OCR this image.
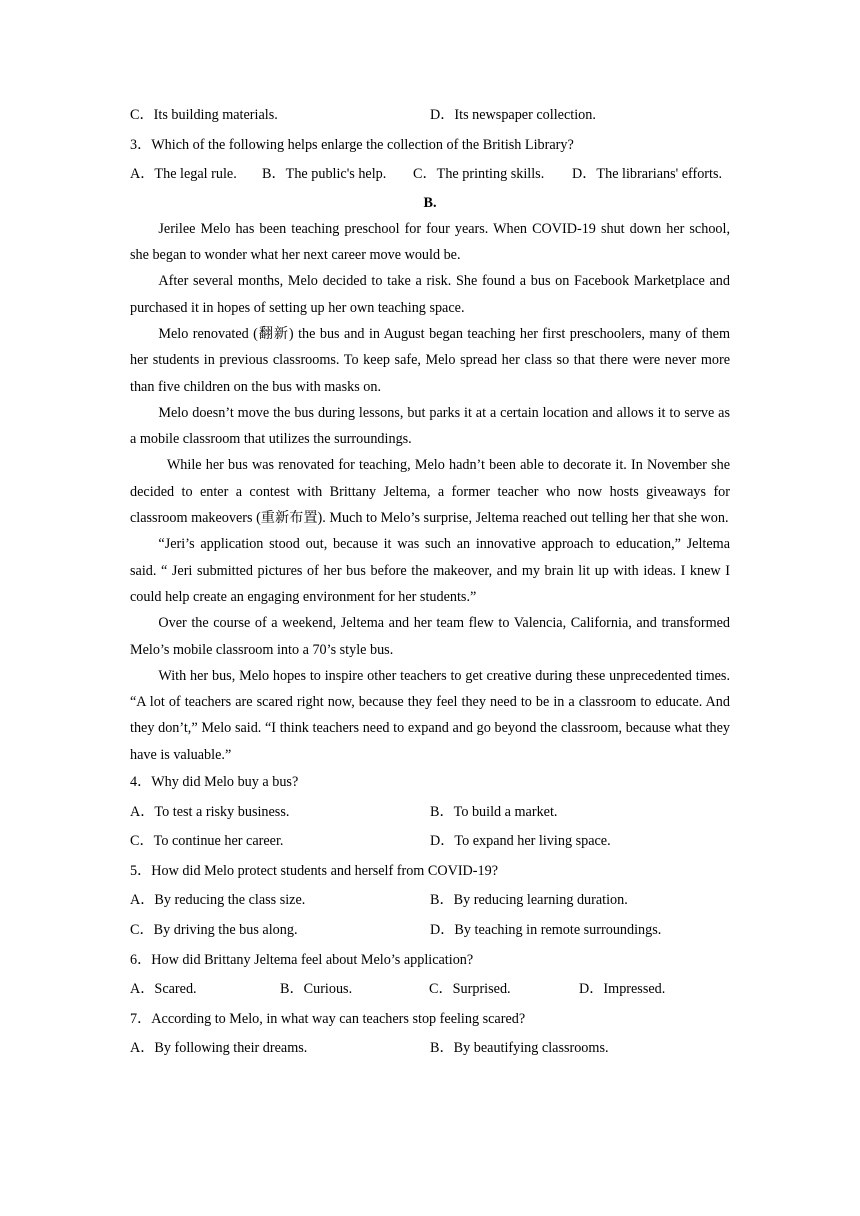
C．Its building materials.	D．Its newspaper collection.
3．Which of the following helps enlarge the collection of the British Library?
A．The legal rule.	B．The public's help.	C．The printing skills.	D．The librarians' efforts.
B.

Jerilee Melo has been teaching preschool for four years. When COVID-19 shut down her school, she began to wonder what her next career move would be.

After several months, Melo decided to take a risk. She found a bus on Facebook Marketplace and purchased it in hopes of setting up her own teaching space.

Melo renovated (翻新) the bus and in August began teaching her first preschoolers, many of them her students in previous classrooms. To keep safe, Melo spread her class so that there were never more than five children on the bus with masks on.

Melo doesn’t move the bus during lessons, but parks it at a certain location and allows it to serve as a mobile classroom that utilizes the surroundings.

While her bus was renovated for teaching, Melo hadn’t been able to decorate it. In November she decided to enter a contest with Brittany Jeltema, a former teacher who now hosts giveaways for classroom makeovers (重新布置). Much to Melo’s surprise, Jeltema reached out telling her that she won.

“Jeri’s application stood out, because it was such an innovative approach to education,” Jeltema said. “ Jeri submitted pictures of her bus before the makeover, and my brain lit up with ideas. I knew I could help create an engaging environment for her students.”

Over the course of a weekend, Jeltema and her team flew to Valencia, California, and transformed Melo’s mobile classroom into a 70’s style bus.

With her bus, Melo hopes to inspire other teachers to get creative during these unprecedented times. “A lot of teachers are scared right now, because they feel they need to be in a classroom to educate. And they don’t,” Melo said. “I think teachers need to expand and go beyond the classroom, because what they have is valuable.”

4．Why did Melo buy a bus?
A．To test a risky business.	B．To build a market.
C．To continue her career.	D．To expand her living space.
5．How did Melo protect students and herself from COVID-19?
A．By reducing the class size.	B．By reducing learning duration.
C．By driving the bus along.	D．By teaching in remote surroundings.
6．How did Brittany Jeltema feel about Melo’s application?
A．Scared.	B．Curious.	C．Surprised.	D．Impressed.
7．According to Melo, in what way can teachers stop feeling scared?
A．By following their dreams.	B．By beautifying classrooms.
